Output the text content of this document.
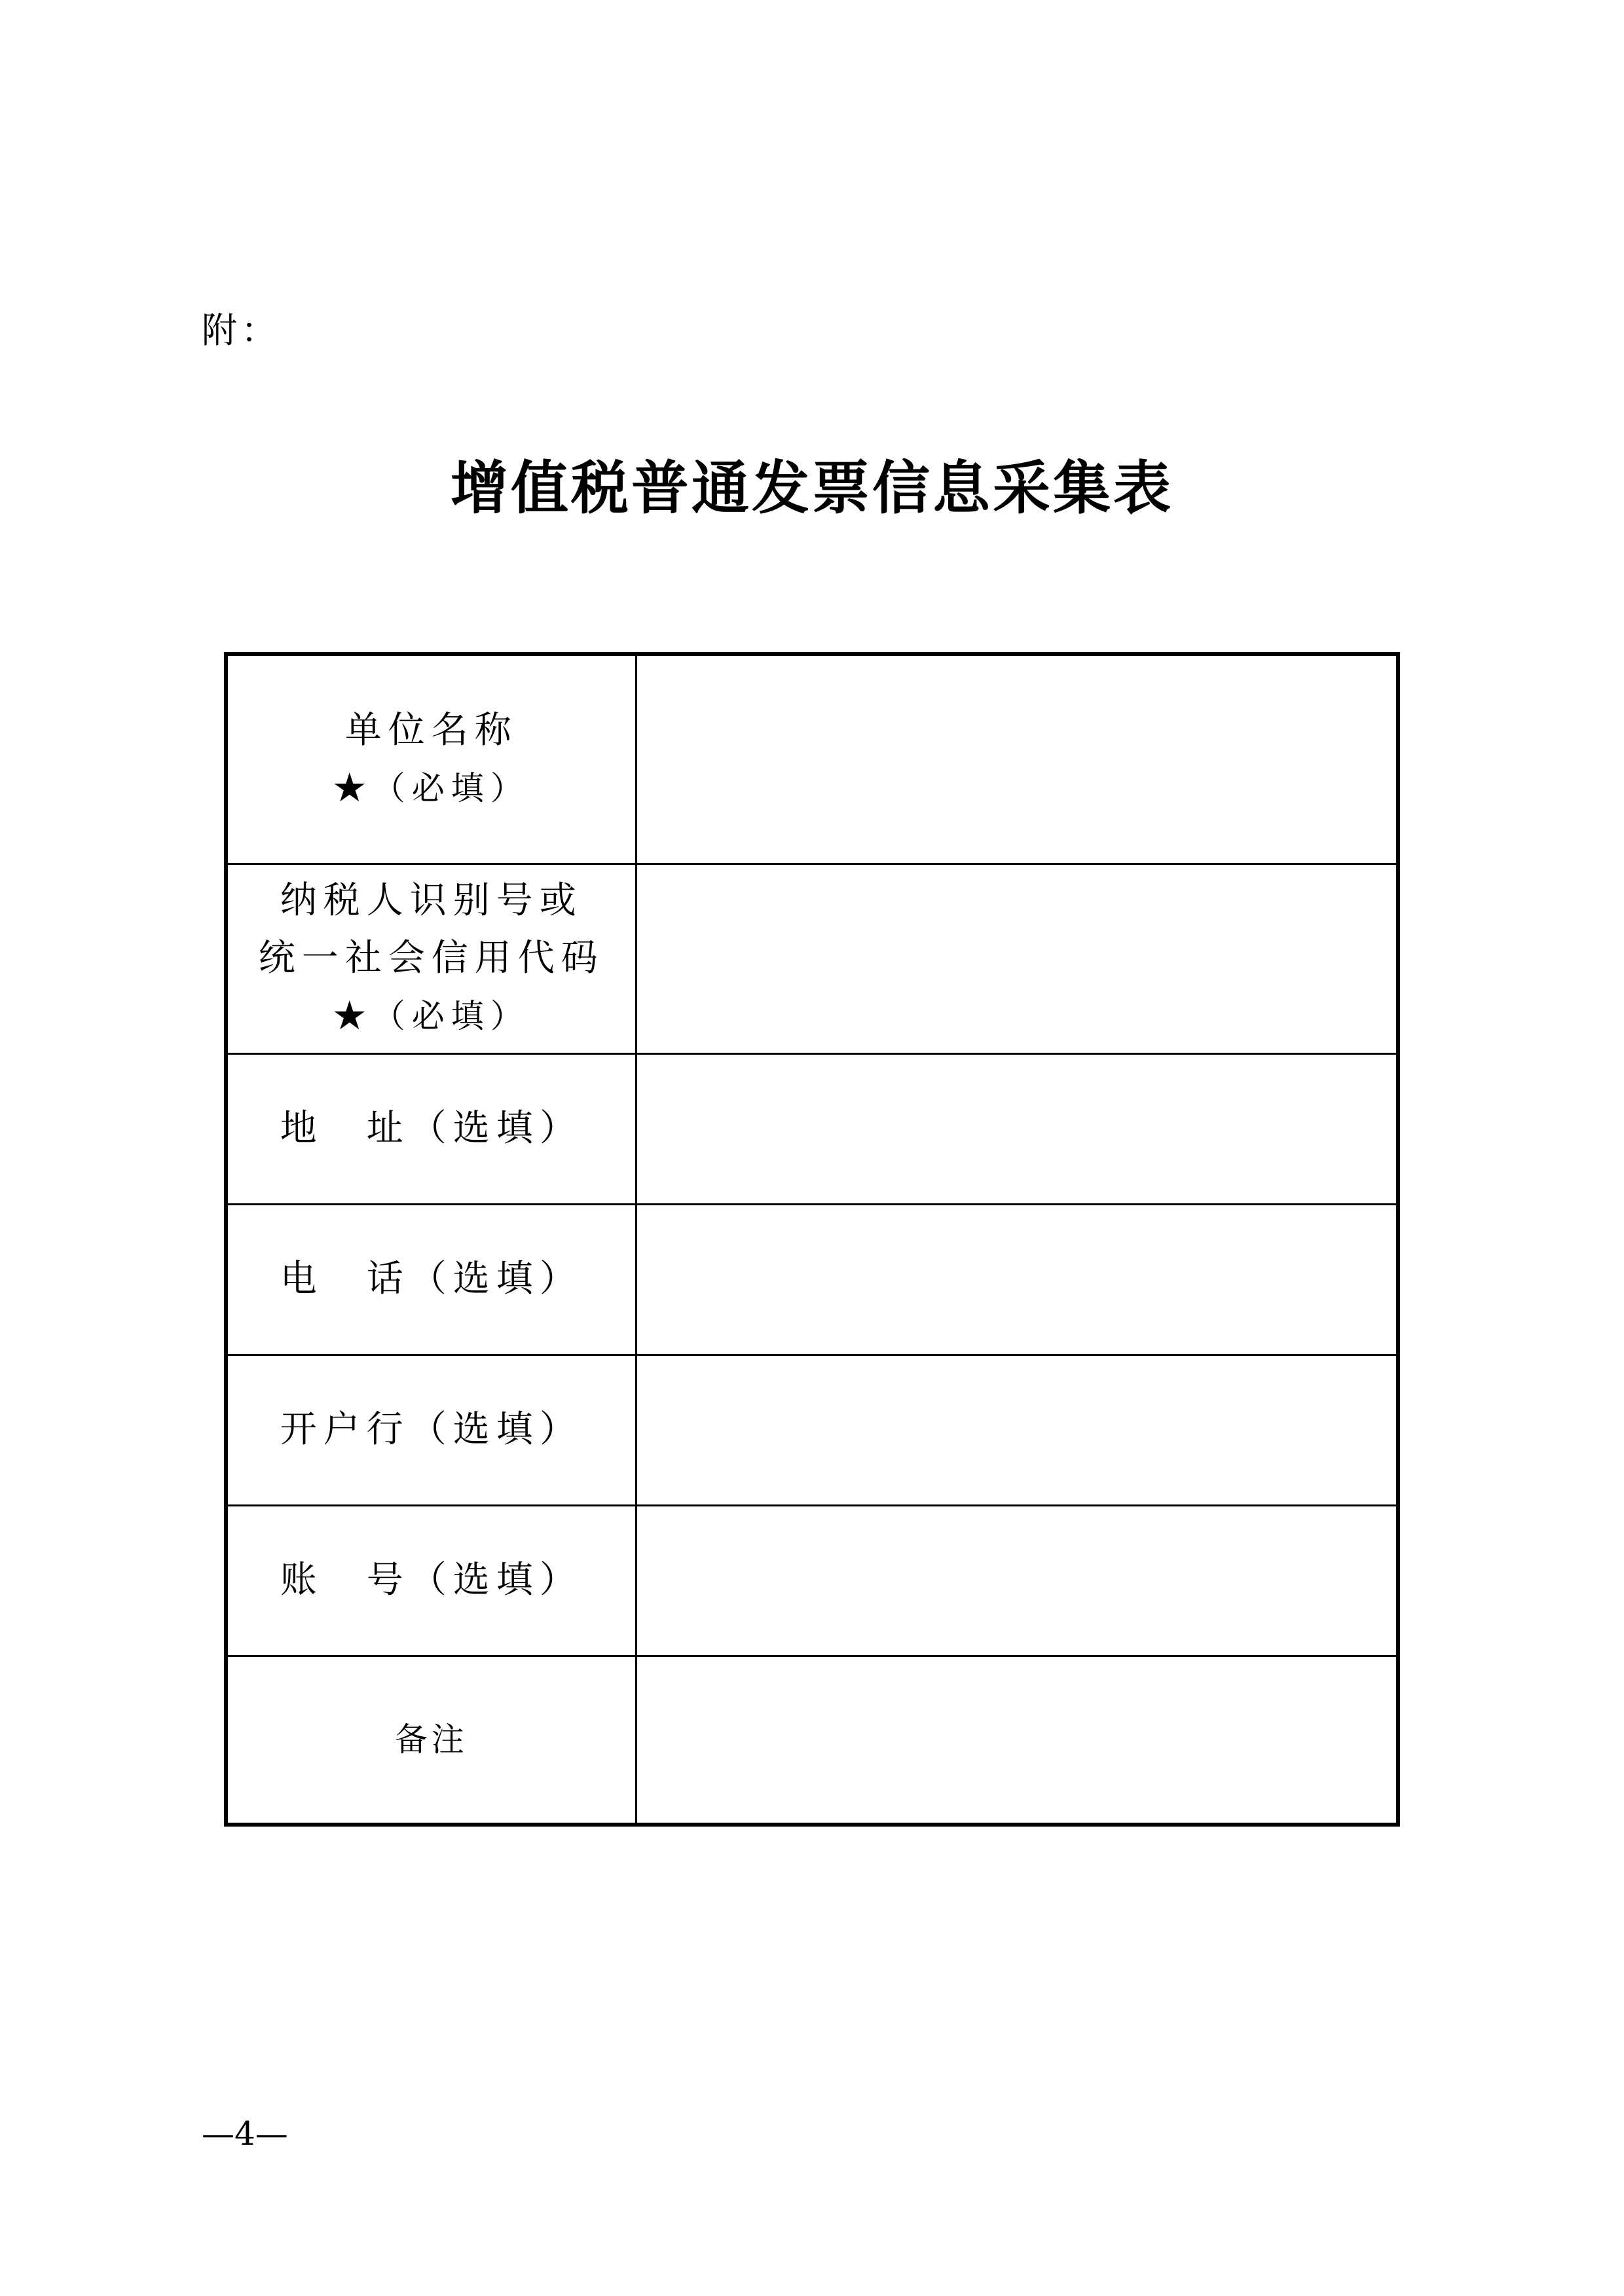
附：
增值税普通发票信息采集表
单位名称
★（必填）	

纳税人识别号或
统一社会信用代码
★（必填）	

地　址（选填）	

电　话（选填）	

开户行（选填）	

账　号（选填）	

备注	

—4—
